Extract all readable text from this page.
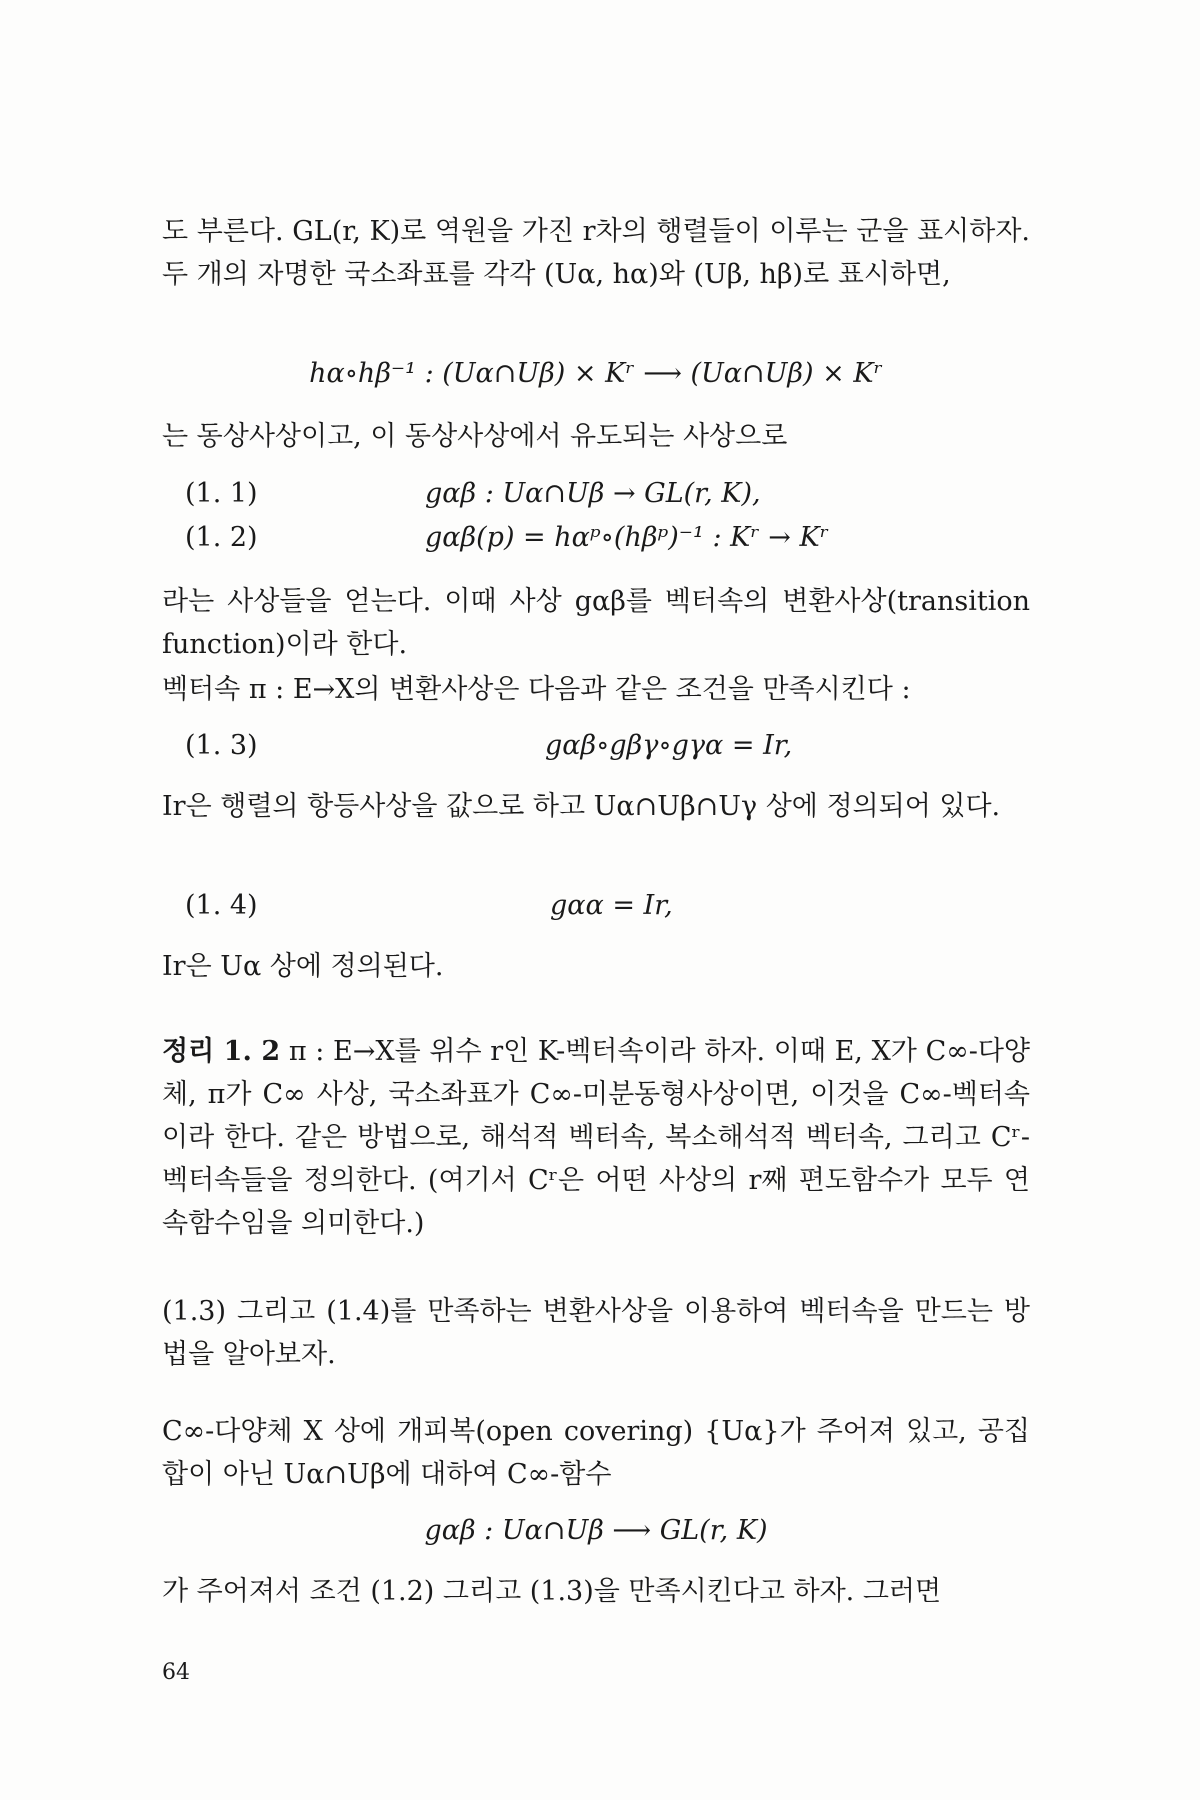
도 부른다. GL(r, K)로 역원을 가진 r차의 행렬들이 이루는 군을 표시하자. 두 개의 자명한 국소좌표를 각각 (Uα, hα)와 (Uβ, hβ)로 표시하면,
hα∘hβ⁻¹ : (Uα∩Uβ) × Kʳ ⟶ (Uα∩Uβ) × Kʳ
는 동상사상이고, 이 동상사상에서 유도되는 사상으로
(1. 1)	gαβ : Uα∩Uβ → GL(r, K),
(1. 2)	gαβ(p) = hαᵖ∘(hβᵖ)⁻¹ : Kʳ → Kʳ
라는 사상들을 얻는다. 이때 사상 gαβ를 벡터속의 변환사상(transition function)이라 한다.
벡터속 π : E→X의 변환사상은 다음과 같은 조건을 만족시킨다 :
(1. 3)	gαβ∘gβγ∘gγα = Ir,
Ir은 행렬의 항등사상을 값으로 하고 Uα∩Uβ∩Uγ 상에 정의되어 있다.
(1. 4)	gαα = Ir,
Ir은 Uα 상에 정의된다.
정리 1. 2 π : E→X를 위수 r인 K-벡터속이라 하자. 이때 E, X가 C∞-다양체, π가 C∞ 사상, 국소좌표가 C∞-미분동형사상이면, 이것을 C∞-벡터속이라 한다. 같은 방법으로, 해석적 벡터속, 복소해석적 벡터속, 그리고 Cʳ-벡터속들을 정의한다. (여기서 Cʳ은 어떤 사상의 r째 편도함수가 모두 연속함수임을 의미한다.)
(1.3) 그리고 (1.4)를 만족하는 변환사상을 이용하여 벡터속을 만드는 방법을 알아보자.
C∞-다양체 X 상에 개피복(open covering) {Uα}가 주어져 있고, 공집합이 아닌 Uα∩Uβ에 대하여 C∞-함수
gαβ : Uα∩Uβ ⟶ GL(r, K)
가 주어져서 조건 (1.2) 그리고 (1.3)을 만족시킨다고 하자. 그러면
64
